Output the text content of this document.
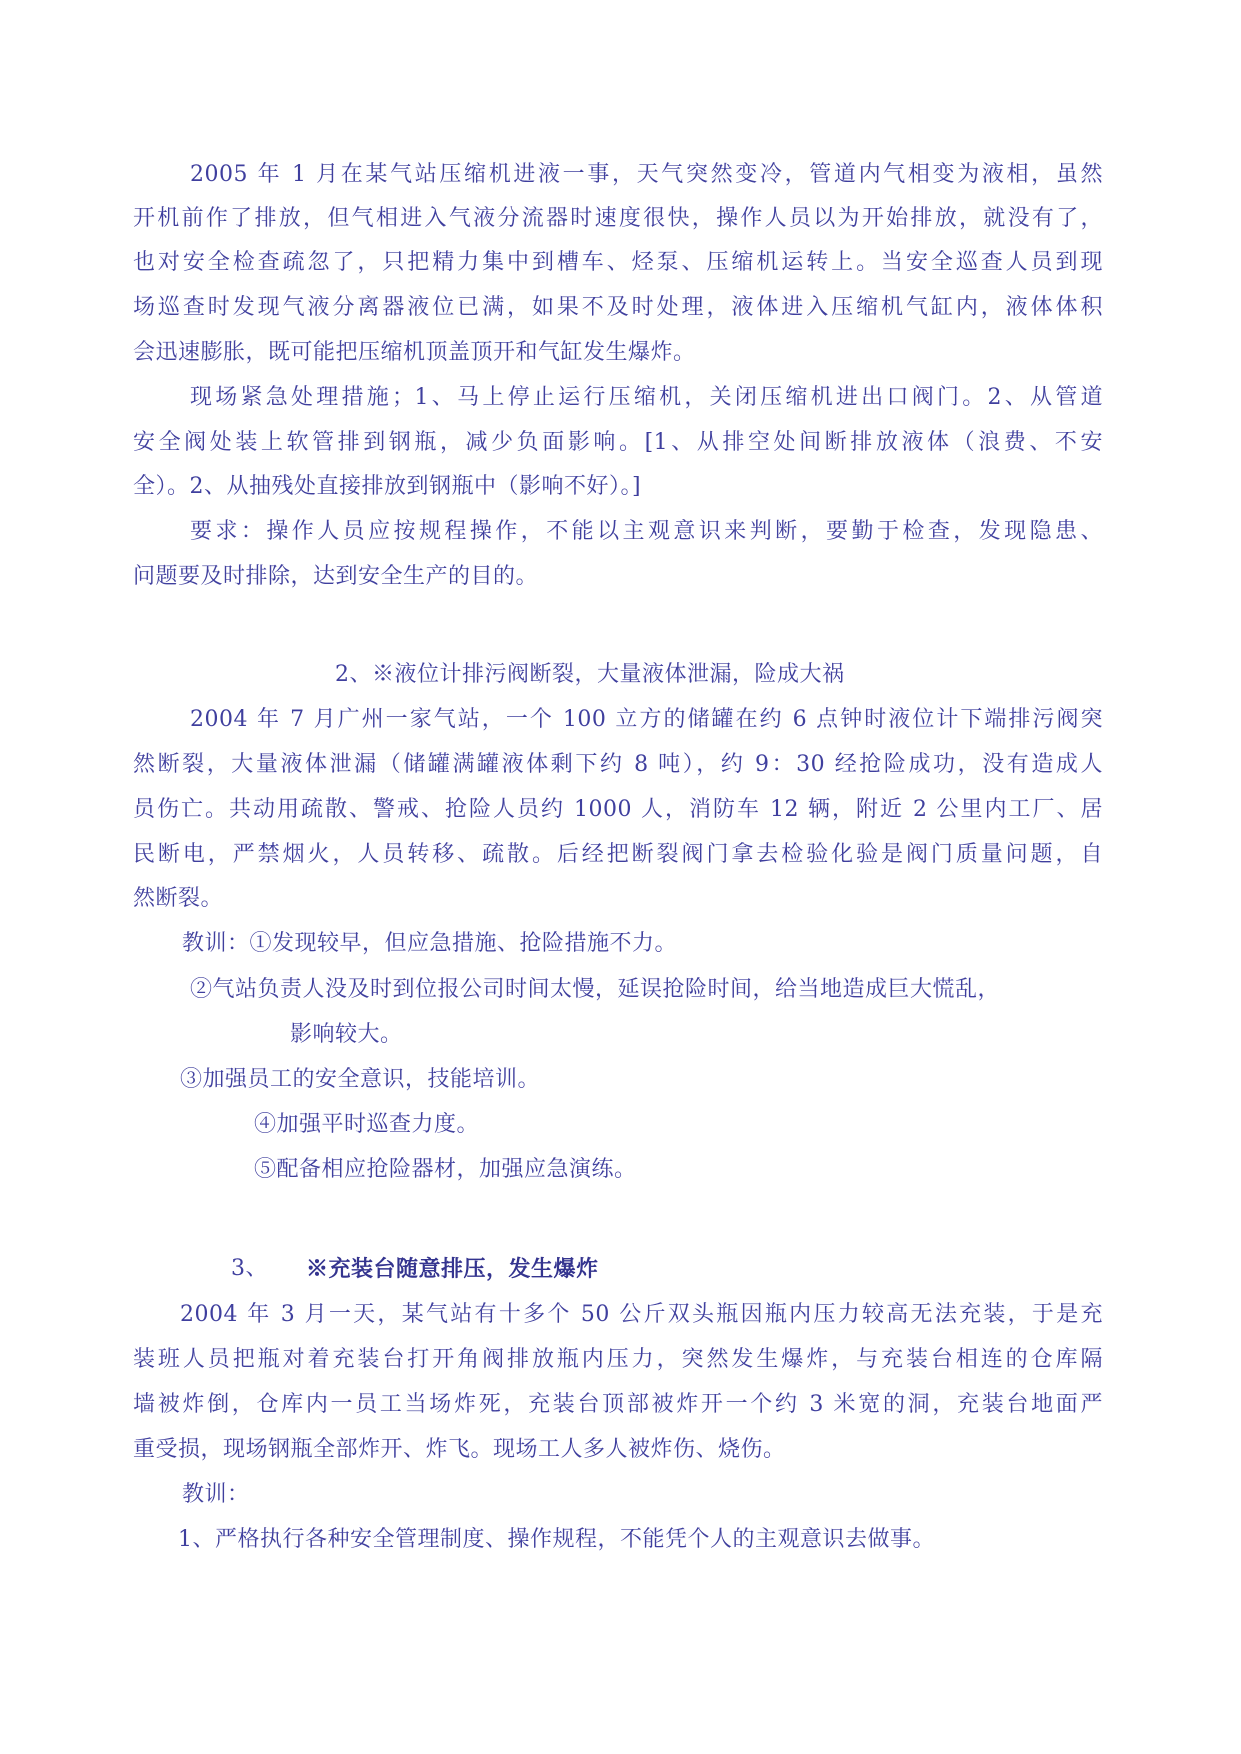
2005 年 1 月在某气站压缩机进液一事，天气突然变冷，管道内气相变为液相，虽然
开机前作了排放，但气相进入气液分流器时速度很快，操作人员以为开始排放，就没有了，
也对安全检查疏忽了，只把精力集中到槽车、烃泵、压缩机运转上。当安全巡查人员到现
场巡查时发现气液分离器液位已满，如果不及时处理，液体进入压缩机气缸内，液体体积
会迅速膨胀，既可能把压缩机顶盖顶开和气缸发生爆炸。
现场紧急处理措施；1、马上停止运行压缩机，关闭压缩机进出口阀门。2、从管道
安全阀处装上软管排到钢瓶，减少负面影响。[1、从排空处间断排放液体（浪费、不安
全）。2、从抽残处直接排放到钢瓶中（影响不好）。]
要求：操作人员应按规程操作，不能以主观意识来判断，要勤于检查，发现隐患、
问题要及时排除，达到安全生产的目的。
2、※液位计排污阀断裂，大量液体泄漏，险成大祸
2004 年 7 月广州一家气站，一个 100 立方的储罐在约 6 点钟时液位计下端排污阀突
然断裂，大量液体泄漏（储罐满罐液体剩下约 8 吨），约 9：30 经抢险成功，没有造成人
员伤亡。共动用疏散、警戒、抢险人员约 1000 人，消防车 12 辆，附近 2 公里内工厂、居
民断电，严禁烟火，人员转移、疏散。后经把断裂阀门拿去检验化验是阀门质量问题，自
然断裂。
教训：①发现较早，但应急措施、抢险措施不力。
②气站负责人没及时到位报公司时间太慢，延误抢险时间，给当地造成巨大慌乱，
影响较大。
③加强员工的安全意识，技能培训。
④加强平时巡查力度。
⑤配备相应抢险器材，加强应急演练。
3、 ※充装台随意排压，发生爆炸
2004 年 3 月一天，某气站有十多个 50 公斤双头瓶因瓶内压力较高无法充装，于是充
装班人员把瓶对着充装台打开角阀排放瓶内压力，突然发生爆炸，与充装台相连的仓库隔
墙被炸倒，仓库内一员工当场炸死，充装台顶部被炸开一个约 3 米宽的洞，充装台地面严
重受损，现场钢瓶全部炸开、炸飞。现场工人多人被炸伤、烧伤。
教训：
1、严格执行各种安全管理制度、操作规程，不能凭个人的主观意识去做事。
